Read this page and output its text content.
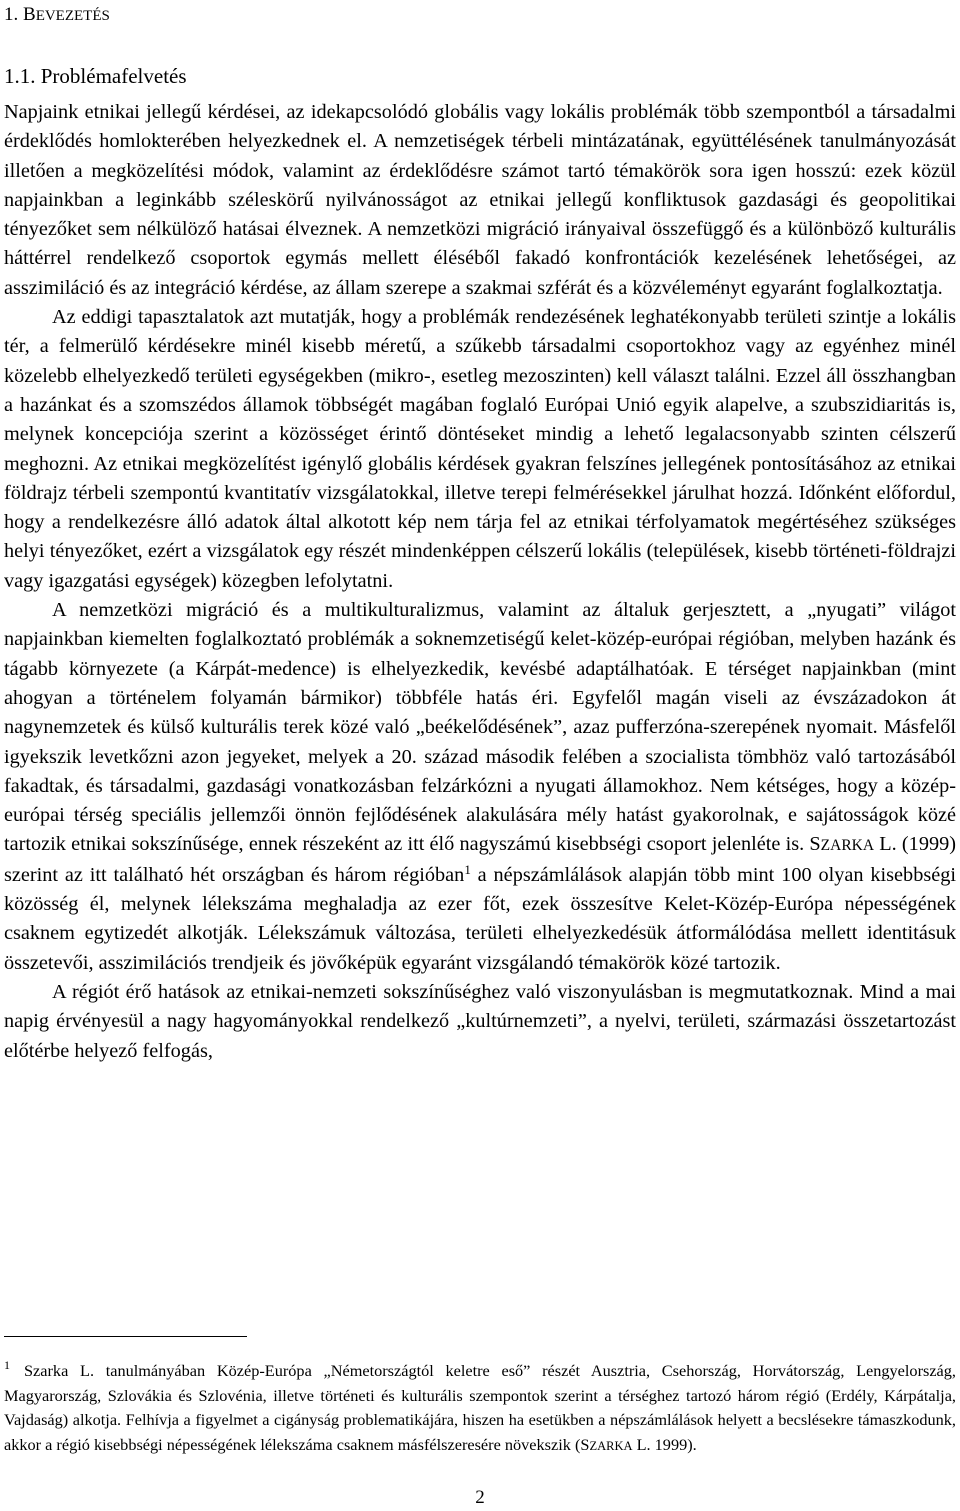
1. BEVEZETÉS
1.1. Problémafelvetés

Napjaink etnikai jellegű kérdései, az idekapcsolódó globális vagy lokális problémák több szempontból a társadalmi érdeklődés homlokterében helyezkednek el. A nemzetiségek térbeli mintázatának, együttélésének tanulmányozását illetően a megközelítési módok, valamint az érdeklődésre számot tartó témakörök sora igen hosszú: ezek közül napjainkban a leginkább széleskörű nyilvánosságot az etnikai jellegű konfliktusok gazdasági és geopolitikai tényezőket sem nélkülöző hatásai élveznek. A nemzetközi migráció irányaival összefüggő és a különböző kulturális háttérrel rendelkező csoportok egymás mellett éléséből fakadó konfrontációk kezelésének lehetőségei, az asszimiláció és az integráció kérdése, az állam szerepe a szakmai szférát és a közvéleményt egyaránt foglalkoztatja.

Az eddigi tapasztalatok azt mutatják, hogy a problémák rendezésének leghatékonyabb területi szintje a lokális tér, a felmerülő kérdésekre minél kisebb méretű, a szűkebb társadalmi csoportokhoz vagy az egyénhez minél közelebb elhelyezkedő területi egységekben (mikro-, esetleg mezoszinten) kell választ találni. Ezzel áll összhangban a hazánkat és a szomszédos államok többségét magában foglaló Európai Unió egyik alapelve, a szubszidiaritás is, melynek koncepciója szerint a közösséget érintő döntéseket mindig a lehető legalacsonyabb szinten célszerű meghozni. Az etnikai megközelítést igénylő globális kérdések gyakran felszínes jellegének pontosításához az etnikai földrajz térbeli szempontú kvantitatív vizsgálatokkal, illetve terepi felmérésekkel járulhat hozzá. Időnként előfordul, hogy a rendelkezésre álló adatok által alkotott kép nem tárja fel az etnikai térfolyamatok megértéséhez szükséges helyi tényezőket, ezért a vizsgálatok egy részét mindenképpen célszerű lokális (települések, kisebb történeti-földrajzi vagy igazgatási egységek) közegben lefolytatni.

A nemzetközi migráció és a multikulturalizmus, valamint az általuk gerjesztett, a „nyugati” világot napjainkban kiemelten foglalkoztató problémák a soknemzetiségű kelet-közép-európai régióban, melyben hazánk és tágabb környezete (a Kárpát-medence) is elhelyezkedik, kevésbé adaptálhatóak. E térséget napjainkban (mint ahogyan a történelem folyamán bármikor) többféle hatás éri. Egyfelől magán viseli az évszázadokon át nagynemzetek és külső kulturális terek közé való „beékelődésének”, azaz pufferzóna-szerepének nyomait. Másfelől igyekszik levetkőzni azon jegyeket, melyek a 20. század második felében a szocialista tömbhöz való tartozásából fakadtak, és társadalmi, gazdasági vonatkozásban felzárkózni a nyugati államokhoz. Nem kétséges, hogy a közép-európai térség speciális jellemzői önnön fejlődésének alakulására mély hatást gyakorolnak, e sajátosságok közé tartozik etnikai sokszínűsége, ennek részeként az itt élő nagyszámú kisebbségi csoport jelenléte is. SZARKA L. (1999) szerint az itt található hét országban és három régióban$^1$ a népszámlálások alapján több mint 100 olyan kisebbségi közösség él, melynek lélekszáma meghaladja az ezer főt, ezek összesítve Kelet-Közép-Európa népességének csaknem egytizedét alkotják. Lélekszámuk változása, területi elhelyezkedésük átformálódása mellett identitásuk összetevői, asszimilációs trendjeik és jövőképük egyaránt vizsgálandó témakörök közé tartozik.

A régiót érő hatások az etnikai-nemzeti sokszínűséghez való viszonyulásban is megmutatkoznak. Mind a mai napig érvényesül a nagy hagyományokkal rendelkező „kultúrnemzeti”, a nyelvi, területi, származási összetartozást előtérbe helyező felfogás,

$^1$ Szarka L. tanulmányában Közép-Európa „Németországtól keletre eső” részét Ausztria, Csehország, Horvátország, Lengyelország, Magyarország, Szlovákia és Szlovénia, illetve történeti és kulturális szempontok szerint a térséghez tartozó három régió (Erdély, Kárpátalja, Vajdaság) alkotja. Felhívja a figyelmet a cigányság problematikájára, hiszen ha esetükben a népszámlálások helyett a becslésekre támaszkodunk, akkor a régió kisebbségi népességének lélekszáma csaknem másfélszeresére növekszik (SZARKA L. 1999).
2
